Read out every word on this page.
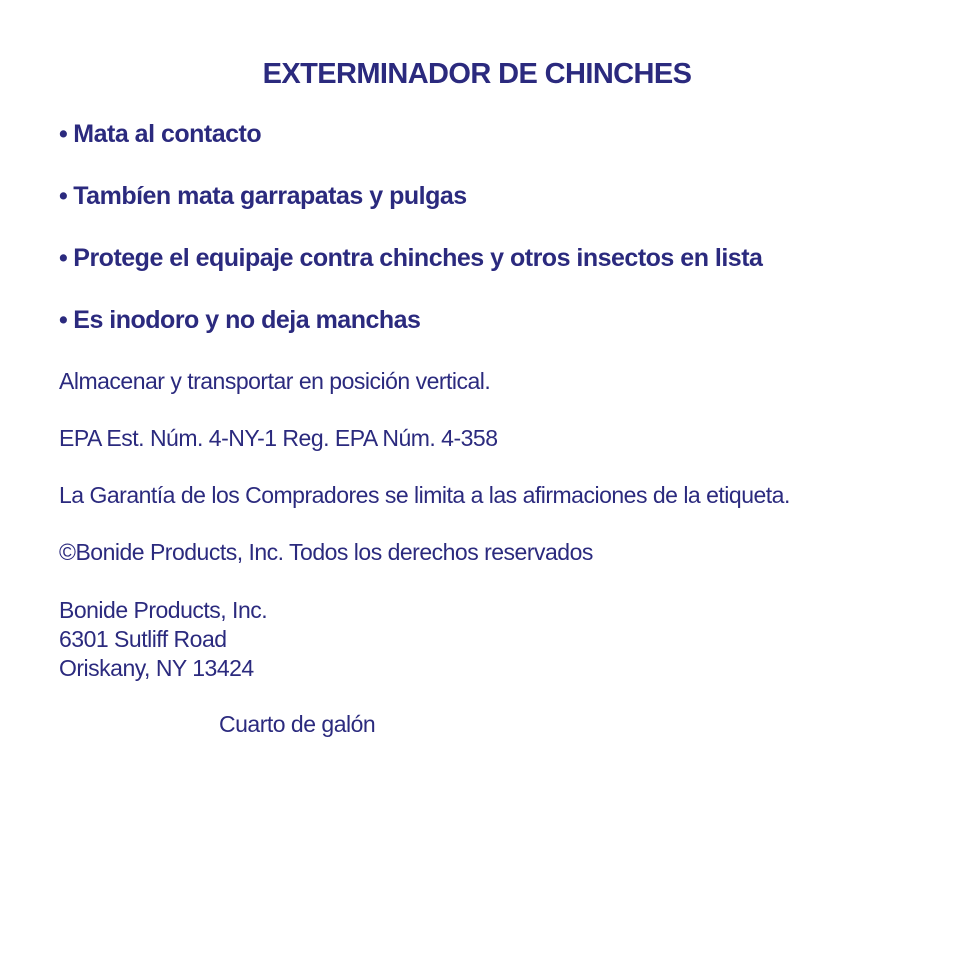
EXTERMINADOR DE CHINCHES
• Mata al contacto
• Tambíen mata garrapatas y pulgas
• Protege el equipaje contra chinches y otros insectos en lista
• Es inodoro y no deja manchas
Almacenar y transportar en posición vertical.
EPA Est. Núm. 4-NY-1 Reg. EPA Núm. 4-358
La Garantía de los Compradores se limita a las afirmaciones de la etiqueta.
©Bonide Products, Inc. Todos los derechos reservados
Bonide Products, Inc.
6301 Sutliff Road
Oriskany, NY 13424
Cuarto de galón
